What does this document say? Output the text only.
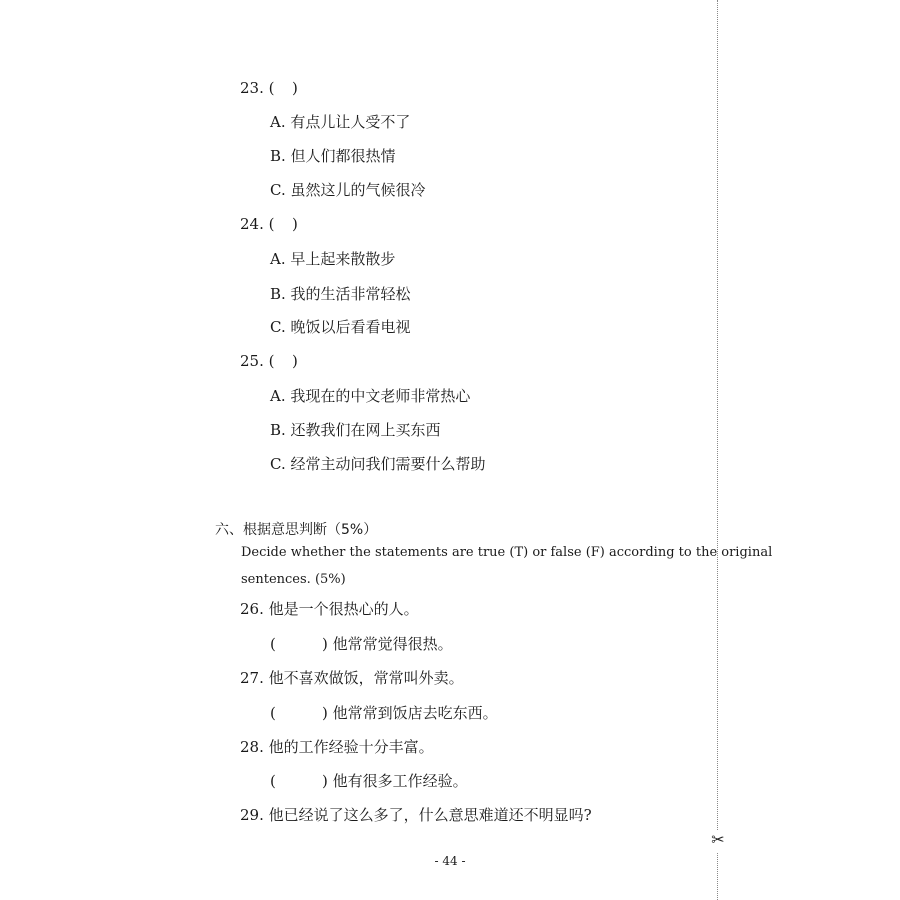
✂
23. ( )
A. 有点儿让人受不了
B. 但人们都很热情
C. 虽然这儿的气候很冷
24. ( )
A. 早上起来散散步
B. 我的生活非常轻松
C. 晚饭以后看看电视
25. ( )
A. 我现在的中文老师非常热心
B. 还教我们在网上买东西
C. 经常主动问我们需要什么帮助
六、根据意思判断（5%）
Decide whether the statements are true (T) or false (F) according to the original
sentences. (5%)
26. 他是一个很热心的人。
(	) 他常常觉得很热。
27. 他不喜欢做饭，常常叫外卖。
(	) 他常常到饭店去吃东西。
28. 他的工作经验十分丰富。
(	) 他有很多工作经验。
29. 他已经说了这么多了，什么意思难道还不明显吗?
- 44 -
